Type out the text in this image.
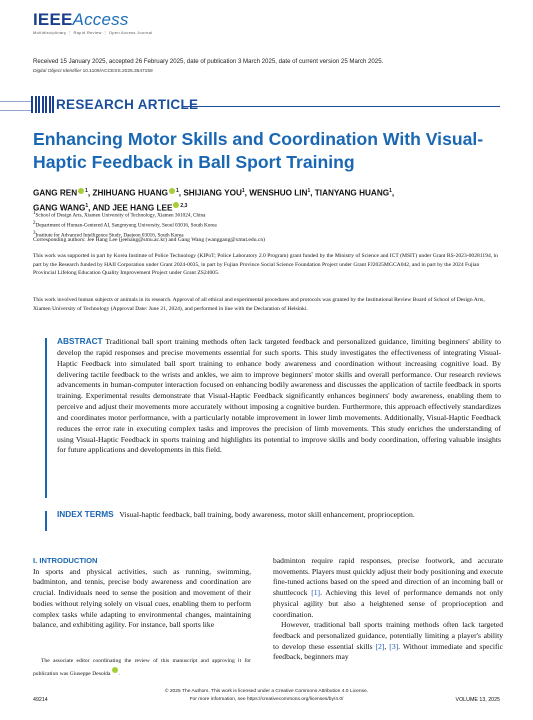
IEEEAccess
Multidisciplinary ⋮ Rapid Review ⋮ Open Access Journal
Received 15 January 2025, accepted 26 February 2025, date of publication 3 March 2025, date of current version 25 March 2025.
Digital Object Identifier 10.1109/ACCESS.2025.3547159
RESEARCH ARTICLE
Enhancing Motor Skills and Coordination With Visual-Haptic Feedback in Ball Sport Training
GANG REN $^1$, ZHIHUANG HUANG $^1$, SHIJIANG YOU$^1$, WENSHUO LIN$^1$, TIANYANG HUANG$^1$,
GANG WANG$^1$, AND JEE HANG LEE $^{2,3}$
$^1$School of Design Arts, Xiamen University of Technology, Xiamen 361024, China
$^2$Department of Human-Centered AI, Sangmyung University, Seoul 03016, South Korea
$^3$Institute for Advanced Intelligence Study, Daejeon 03016, South Korea
Corresponding authors: Jee Hang Lee (jeehang@smu.ac.kr) and Gang Wang (wanggang@xmut.edu.cn)
This work was supported in part by Korea Institute of Police Technology (KIPoT; Police Laboratory 2.0 Program) grant funded by the Ministry of Science and ICT (MSIT) under Grant RS-2023-00281194, in part by the Research funded by HAII Corporation under Grant 2024-0035, in part by Fujian Province Social Science Foundation Project under Grant FJ2025MGCA042, and in part by the 2024 Fujian Provincial Lifelong Education Quality Improvement Project under Grant ZS24005.
This work involved human subjects or animals in its research. Approval of all ethical and experimental procedures and protocols was granted by the Institutional Review Board of School of Design Arts, Xiamen University of Technology (Approval Date: June 21, 2024), and performed in line with the Declaration of Helsinki.
ABSTRACT Traditional ball sport training methods often lack targeted feedback and personalized guidance, limiting beginners' ability to develop the rapid responses and precise movements essential for such sports. This study investigates the effectiveness of integrating Visual-Haptic Feedback into simulated ball sport training to enhance body awareness and coordination without increasing cognitive load. By delivering tactile feedback to the wrists and ankles, we aim to improve beginners' motor skills and overall performance. Our research reviews advancements in human-computer interaction focused on enhancing bodily awareness and discusses the application of tactile feedback in sports training. Experimental results demonstrate that Visual-Haptic Feedback significantly enhances beginners' body awareness, enabling them to perceive and adjust their movements more accurately without imposing a cognitive burden. Furthermore, this approach effectively standardizes and coordinates motor performance, with a particularly notable improvement in lower limb movements. Additionally, Visual-Haptic Feedback reduces the error rate in executing complex tasks and improves the precision of limb movements. This study enriches the understanding of using Visual-Haptic Feedback in sports training and highlights its potential to improve skills and body coordination, offering valuable insights for future applications and developments in this field.
INDEX TERMS Visual-haptic feedback, ball training, body awareness, motor skill enhancement, proprioception.
I. INTRODUCTION
In sports and physical activities, such as running, swimming, badminton, and tennis, precise body awareness and coordination are crucial. Individuals need to sense the position and movement of their bodies without relying solely on visual cues, enabling them to perform complex tasks while adapting to environmental changes, maintaining balance, and exhibiting agility. For instance, ball sports like
badminton require rapid responses, precise footwork, and accurate movements. Players must quickly adjust their body positioning and execute fine-tuned actions based on the speed and direction of an incoming ball or shuttlecock [1]. Achieving this level of performance demands not only physical agility but also a heightened sense of proprioception and coordination.
However, traditional ball sports training methods often lack targeted feedback and personalized guidance, potentially limiting a player's ability to develop these essential skills [2], [3]. Without immediate and specific feedback, beginners may
The associate editor coordinating the review of this manuscript and approving it for publication was Giuseppe Desolda .
© 2025 The Authors. This work is licensed under a Creative Commons Attribution 4.0 License.
For more information, see https://creativecommons.org/licenses/by/4.0/
49214	VOLUME 13, 2025
